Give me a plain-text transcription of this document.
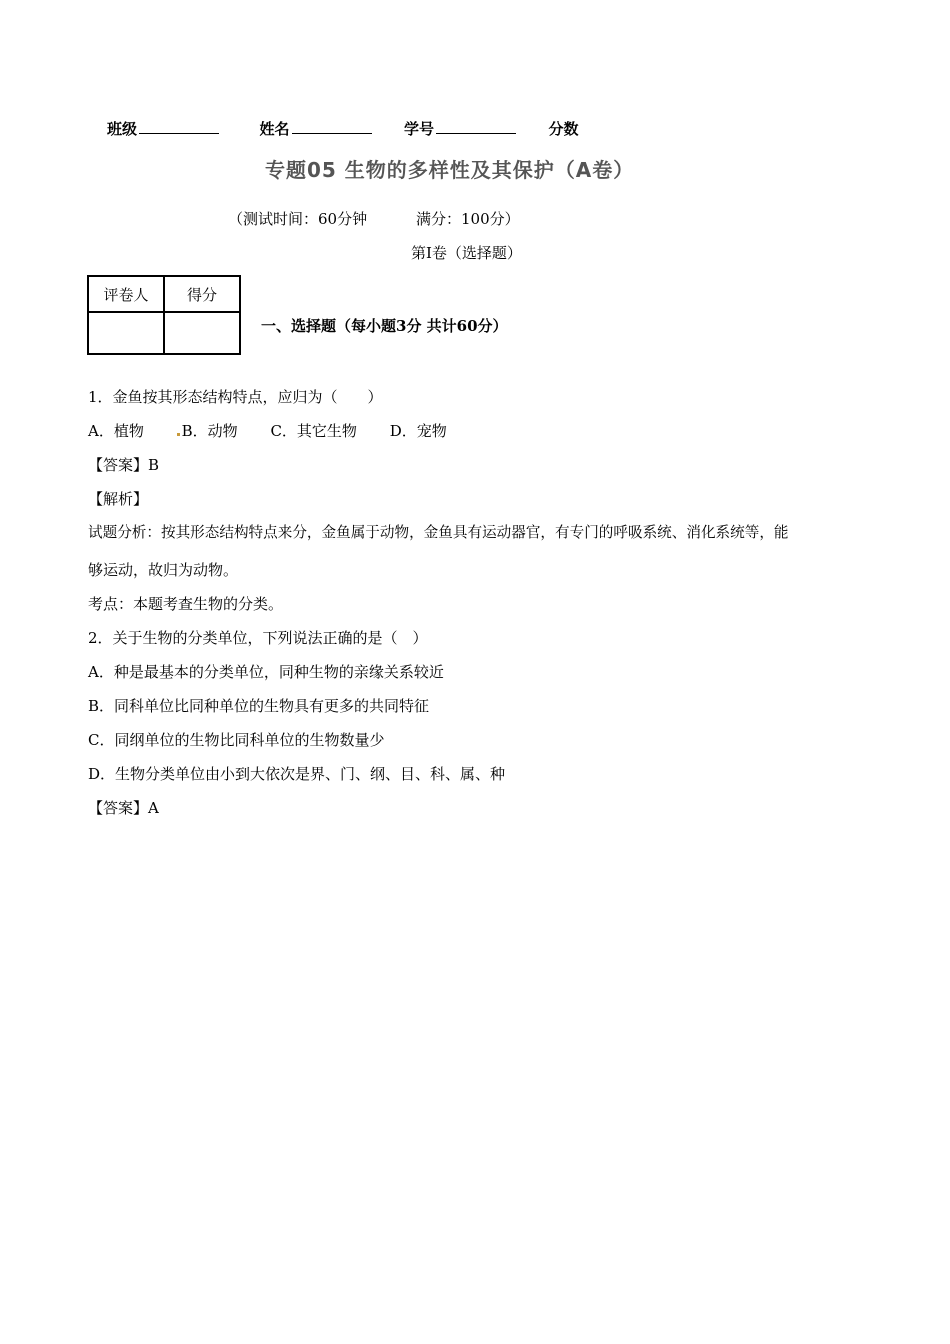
班级	姓名	学号	分数
专题05 生物的多样性及其保护（A卷）
（测试时间：60分钟	满分：100分）
第I卷（选择题）
评卷人	得分

一、选择题（每小题3分 共计60分）
1．金鱼按其形态结构特点，应归为（　　）
A．植物	B．动物 C．其它生物 D．宠物
【答案】B
【解析】
试题分析：按其形态结构特点来分，金鱼属于动物，金鱼具有运动器官，有专门的呼吸系统、消化系统等，能
够运动，故归为动物。
考点：本题考查生物的分类。
2．关于生物的分类单位，下列说法正确的是（　）
A．种是最基本的分类单位，同种生物的亲缘关系较近
B．同科单位比同种单位的生物具有更多的共同特征
C．同纲单位的生物比同科单位的生物数量少
D．生物分类单位由小到大依次是界、门、纲、目、科、属、种
【答案】A
